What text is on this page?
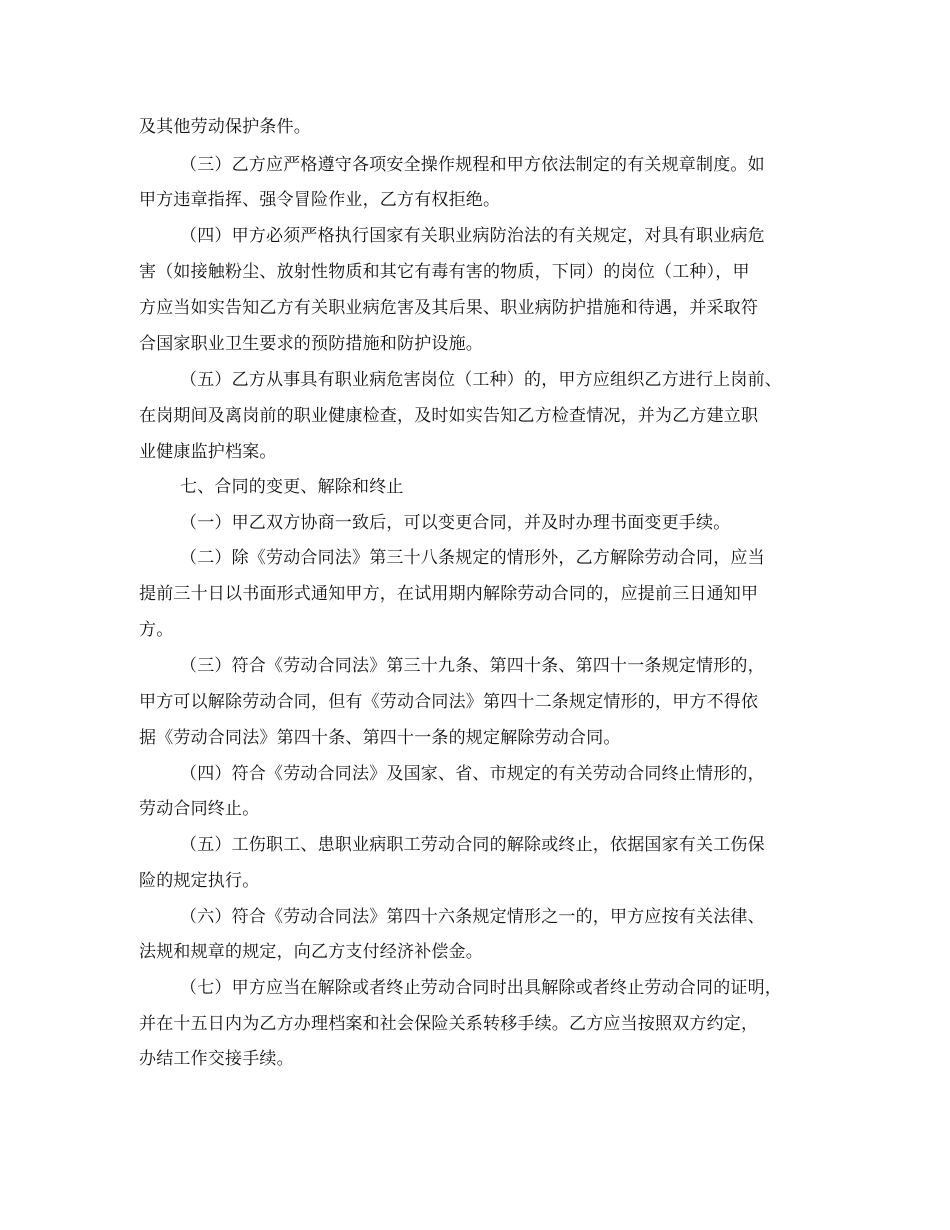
及其他劳动保护条件。

（三）乙方应严格遵守各项安全操作规程和甲方依法制定的有关规章制度。如

甲方违章指挥、强令冒险作业，乙方有权拒绝。

（四）甲方必须严格执行国家有关职业病防治法的有关规定，对具有职业病危

害（如接触粉尘、放射性物质和其它有毒有害的物质，下同）的岗位（工种），甲

方应当如实告知乙方有关职业病危害及其后果、职业病防护措施和待遇，并采取符

合国家职业卫生要求的预防措施和防护设施。

（五）乙方从事具有职业病危害岗位（工种）的，甲方应组织乙方进行上岗前、

在岗期间及离岗前的职业健康检查，及时如实告知乙方检查情况，并为乙方建立职

业健康监护档案。

七、合同的变更、解除和终止

（一）甲乙双方协商一致后，可以变更合同，并及时办理书面变更手续。

（二）除《劳动合同法》第三十八条规定的情形外，乙方解除劳动合同，应当

提前三十日以书面形式通知甲方，在试用期内解除劳动合同的，应提前三日通知甲

方。

（三）符合《劳动合同法》第三十九条、第四十条、第四十一条规定情形的，

甲方可以解除劳动合同，但有《劳动合同法》第四十二条规定情形的，甲方不得依

据《劳动合同法》第四十条、第四十一条的规定解除劳动合同。

（四）符合《劳动合同法》及国家、省、市规定的有关劳动合同终止情形的，

劳动合同终止。

（五）工伤职工、患职业病职工劳动合同的解除或终止，依据国家有关工伤保

险的规定执行。

（六）符合《劳动合同法》第四十六条规定情形之一的，甲方应按有关法律、

法规和规章的规定，向乙方支付经济补偿金。

（七）甲方应当在解除或者终止劳动合同时出具解除或者终止劳动合同的证明，

并在十五日内为乙方办理档案和社会保险关系转移手续。乙方应当按照双方约定，

办结工作交接手续。
